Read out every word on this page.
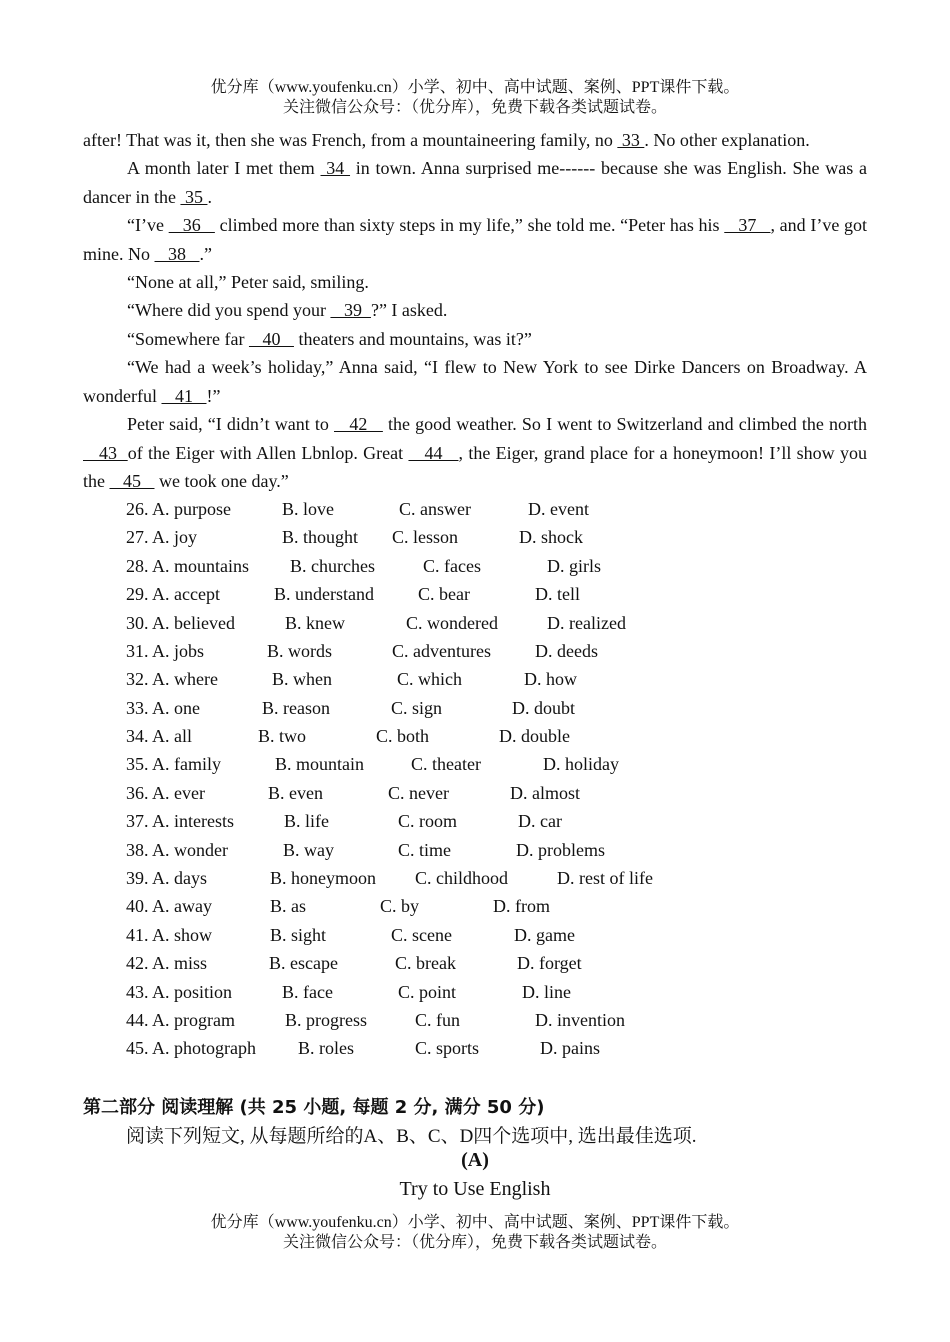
优分库（www.youfenku.cn）小学、初中、高中试题、案例、PPT课件下载。
关注微信公众号：（优分库），免费下载各类试题试卷。
after! That was it, then she was French, from a mountaineering family, no  33 . No other explanation.
A month later I met them  34  in town. Anna surprised me------ because she was English. She was a dancer in the  35 .
“I’ve    36    climbed more than sixty steps in my life,” she told me. “Peter has his    37   , and I’ve got mine. No    38   .”
“None at all,” Peter said, smiling.
“Where did you spend your    39  ?” I asked.
“Somewhere far    40    theaters and mountains, was it?”
“We had a week’s holiday,” Anna said, “I flew to New York to see Dirke Dancers on Broadway. A wonderful    41   !”
Peter said, “I didn’t want to    42    the good weather. So I went to Switzerland and climbed the north    43  of the Eiger with Allen Lbnlop. Great    44   , the Eiger, grand place for a honeymoon! I’ll show you the    45    we took one day.”
26. A. purpose	B. love	C. answer	D. event
27. A. joy	B. thought C. lesson	D. shock
28. A. mountains B. churches	C. faces	D. girls
29. A. accept	B. understand C. bear	D. tell
30. A. believed	B. knew	C. wondered	D. realized
31. A. jobs	B. words	C. adventures D. deeds
32. A. where	B. when	C. which	D. how
33. A. one	B. reason	C. sign	D. doubt
34. A. all	B. two	C. both	D. double
35. A. family	B. mountain	C. theater	D. holiday
36. A. ever	B. even	C. never	D. almost
37. A. interests	B. life	C. room	D. car
38. A. wonder	B. way	C. time	D. problems
39. A. days	B. honeymoon C. childhood	D. rest of life
40. A. away	B. as	C. by	D. from
41. A. show	B. sight	C. scene	D. game
42. A. miss	B. escape	C. break	D. forget
43. A. position	B. face	C. point	D. line
44. A. program	B. progress	C. fun	D. invention
45. A. photograph B. roles	C. sports	D. pains
第二部分 阅读理解 (共 25 小题, 每题 2 分, 满分 50 分)
阅读下列短文, 从每题所给的A、B、C、D四个选项中, 选出最佳选项.
(A)
Try to Use English
优分库（www.youfenku.cn）小学、初中、高中试题、案例、PPT课件下载。
关注微信公众号：（优分库），免费下载各类试题试卷。
